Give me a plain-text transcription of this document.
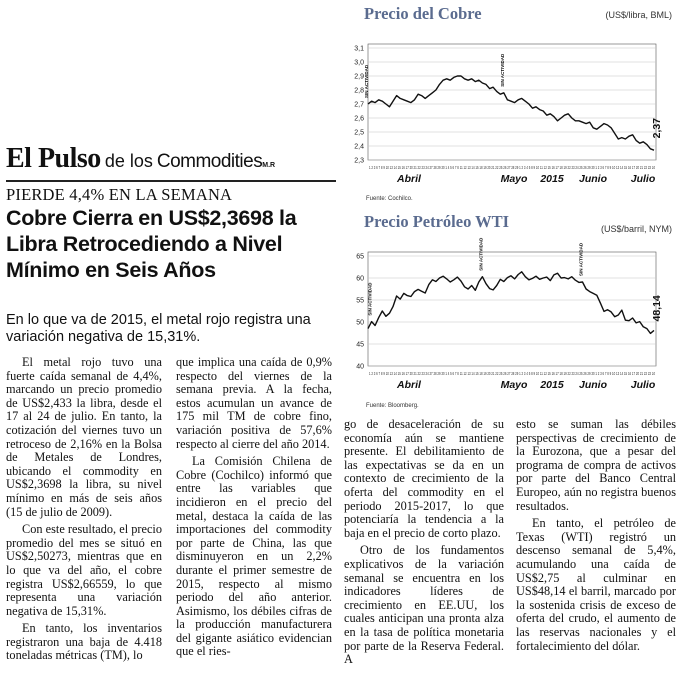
Precio del Cobre	(US$/libra, BML)
3,1
3,0
2,9
2,8
2,7
2,6
2,5
2,4
2,3
2,37
SIN ACTIVIDAD	SIN ACTIVIDAD
1 2 3 6 7 8 9 10 13 14 15 16 17 20 21 22 23 24 27 28 29 30 1 4 5 6 7 8 11 12 13 14 15 18 19 20 21 22 25 26 27 28 29 1 2 3 4 5 8 9 10 11 12 15 16 17 18 19 22 23 24 25 26 29 30 1 2 3 6 7 8 9 10 13 14 15 16 17 20 21 22 23 24
Abril	Mayo 2015 Junio Julio
Fuente: Cochilco.
Precio Petróleo WTI	(US$/barril, NYM)
65
60
55
50
45
40
48,14
SIN ACTIVIDAD
SIN ACTIVIDAD	SIN ACTIVIDAD
1 2 3 6 7 8 9 10 13 14 15 16 17 20 21 22 23 24 27 28 29 30 1 4 5 6 7 8 11 12 13 14 15 18 19 20 21 22 25 26 27 28 29 1 2 3 4 5 8 9 10 11 12 15 16 17 18 19 22 23 24 25 26 29 30 1 2 3 6 7 8 9 10 13 14 15 16 17 20 21 22 23 24
Abril	Mayo 2015 Junio Julio
Fuente: Bloomberg.
El Pulso de los CommoditiesM.R
PIERDE 4,4% EN LA SEMANA
Cobre Cierra en US$2,3698 la Libra Retrocediendo a Nivel Mínimo en Seis Años
En lo que va de 2015, el metal rojo registra una variación negativa de 15,31%.

El metal rojo tuvo una fuerte caída semanal de 4,4%, marcando un precio promedio de US$2,433 la libra, desde el 17 al 24 de julio. En tanto, la cotización del viernes tuvo un retroceso de 2,16% en la Bolsa de Metales de Londres, ubicando el commodity en US$2,3698 la libra, su nivel mínimo en más de seis años (15 de julio de 2009).

Con este resultado, el precio promedio del mes se situó en US$2,50273, mientras que en lo que va del año, el cobre registra US$2,66559, lo que representa una variación negativa de 15,31%.

En tanto, los inventarios registraron una baja de 4.418 toneladas métricas (TM), lo

que implica una caída de 0,9% respecto del viernes de la semana previa. A la fecha, estos acumulan un avance de 175 mil TM de cobre fino, variación positiva de 57,6% respecto al cierre del año 2014.

La Comisión Chilena de Cobre (Cochilco) informó que entre las variables que incidieron en el precio del metal, destaca la caída de las importaciones del commodity por parte de China, las que disminuyeron en un 2,2% durante el primer semestre de 2015, respecto al mismo periodo del año anterior. Asimismo, los débiles cifras de la producción manufacturera del gigante asiático evidencian que el ries-

go de desaceleración de su economía aún se mantiene presente. El debilitamiento de las expectativas se da en un contexto de crecimiento de la oferta del commodity en el periodo 2015-2017, lo que potenciaría la tendencia a la baja en el precio de corto plazo.

Otro de los fundamentos explicativos de la variación semanal se encuentra en los indicadores líderes de crecimiento en EE.UU, los cuales anticipan una pronta alza en la tasa de política monetaria por parte de la Reserva Federal. A

esto se suman las débiles perspectivas de crecimiento de la Eurozona, que a pesar del programa de compra de activos por parte del Banco Central Europeo, aún no registra buenos resultados.

En tanto, el petróleo de Texas (WTI) registró un descenso semanal de 5,4%, acumulando una caída de US$2,75 al culminar en US$48,14 el barril, marcado por la sostenida crisis de exceso de oferta del crudo, el aumento de las reservas nacionales y el fortalecimiento del dólar.
